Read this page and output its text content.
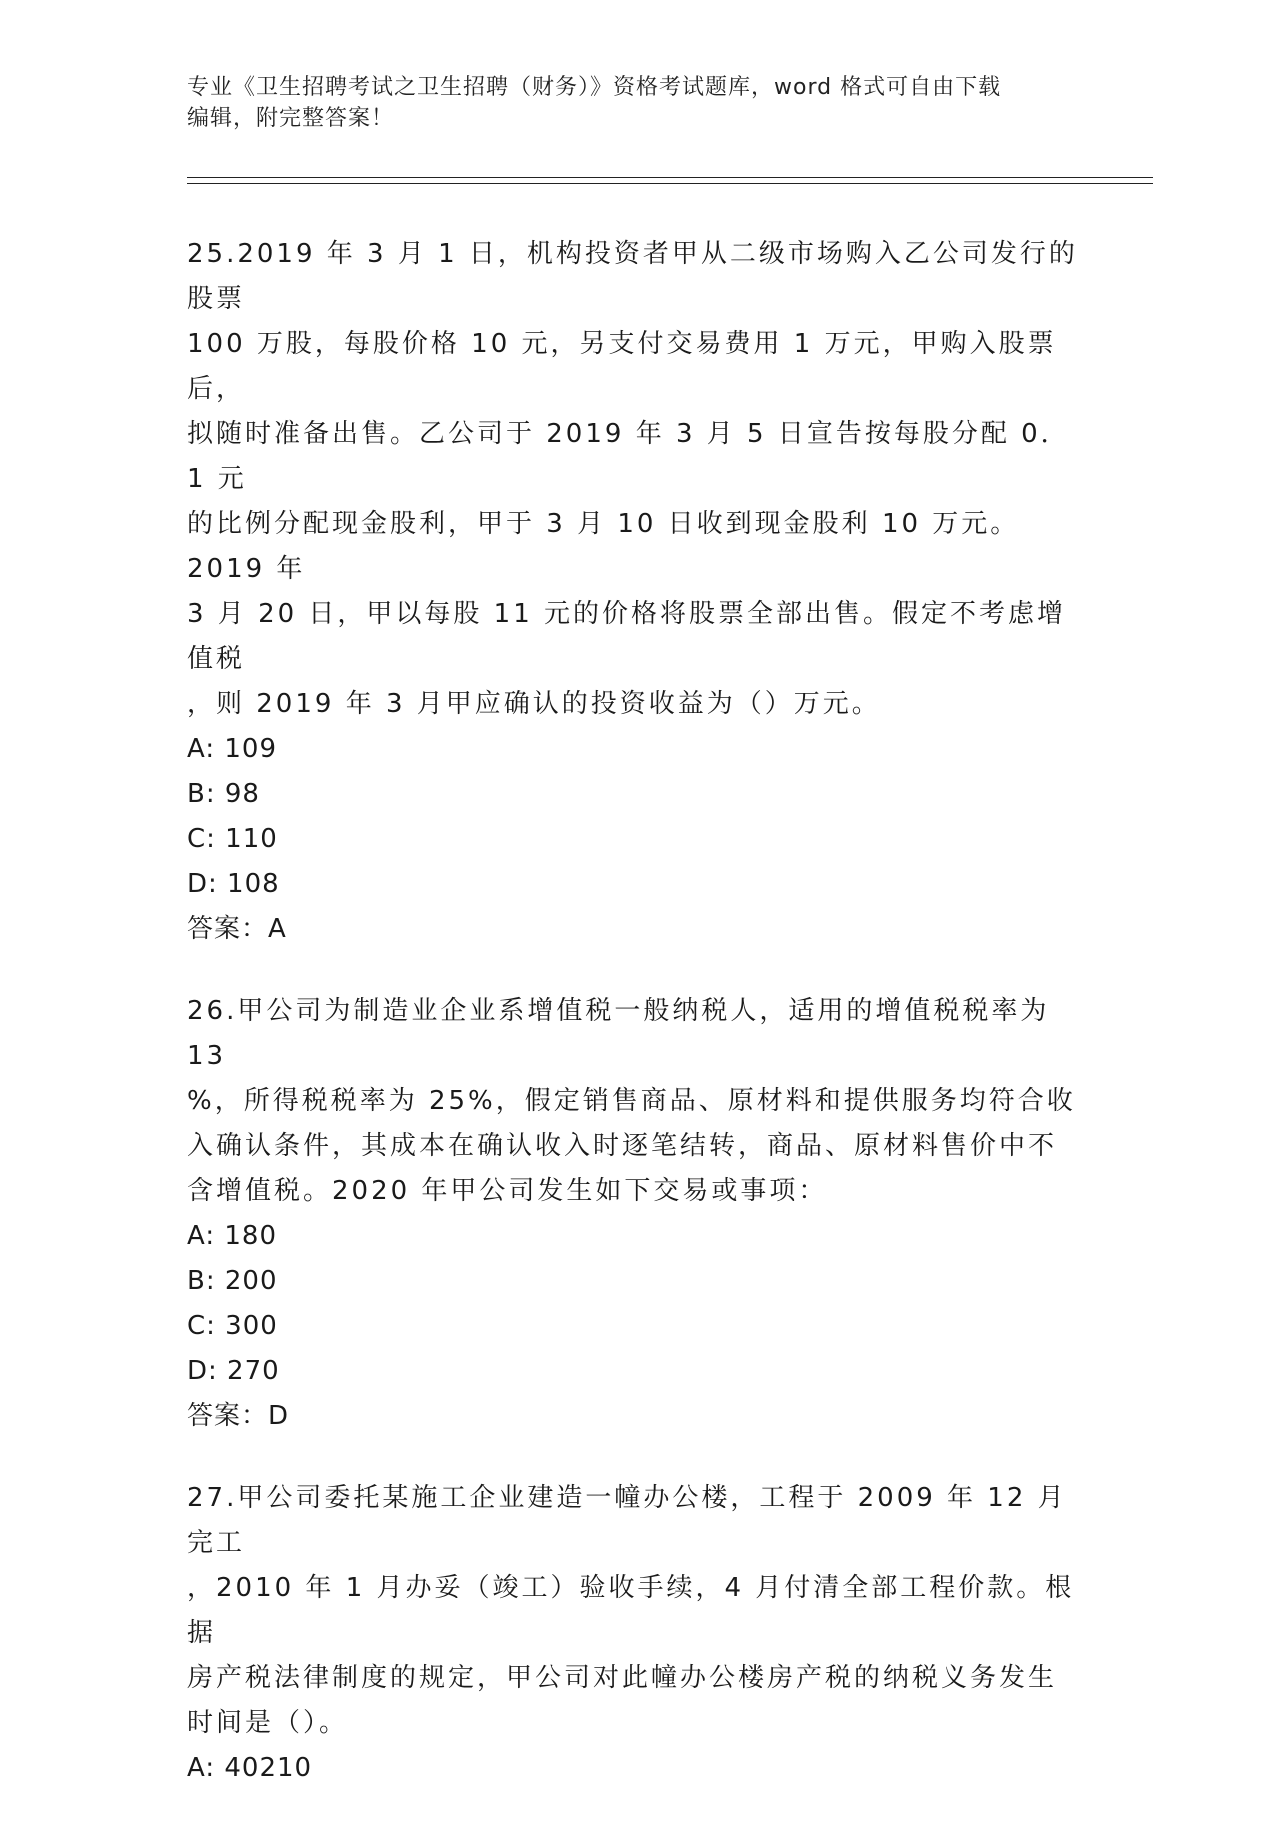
专业《卫生招聘考试之卫生招聘（财务）》资格考试题库，word 格式可自由下载
编辑，附完整答案！

25.2019 年 3 月 1 日，机构投资者甲从二级市场购入乙公司发行的股票
100 万股，每股价格 10 元，另支付交易费用 1 万元，甲购入股票后，
拟随时准备出售。乙公司于 2019 年 3 月 5 日宣告按每股分配 0．1 元
的比例分配现金股利，甲于 3 月 10 日收到现金股利 10 万元。2019 年
3 月 20 日，甲以每股 11 元的价格将股票全部出售。假定不考虑增值税
，则 2019 年 3 月甲应确认的投资收益为（）万元。

A: 109

B: 98

C: 110

D: 108

答案：A

26.甲公司为制造业企业系增值税一般纳税人，适用的增值税税率为 13
%，所得税税率为 25%，假定销售商品、原材料和提供服务均符合收
入确认条件，其成本在确认收入时逐笔结转，商品、原材料售价中不
含增值税。2020 年甲公司发生如下交易或事项：

A: 180

B: 200

C: 300

D: 270

答案：D

27.甲公司委托某施工企业建造一幢办公楼，工程于 2009 年 12 月完工
，2010 年 1 月办妥（竣工）验收手续，4 月付清全部工程价款。根据
房产税法律制度的规定，甲公司对此幢办公楼房产税的纳税义务发生
时间是（）。

A: 40210
